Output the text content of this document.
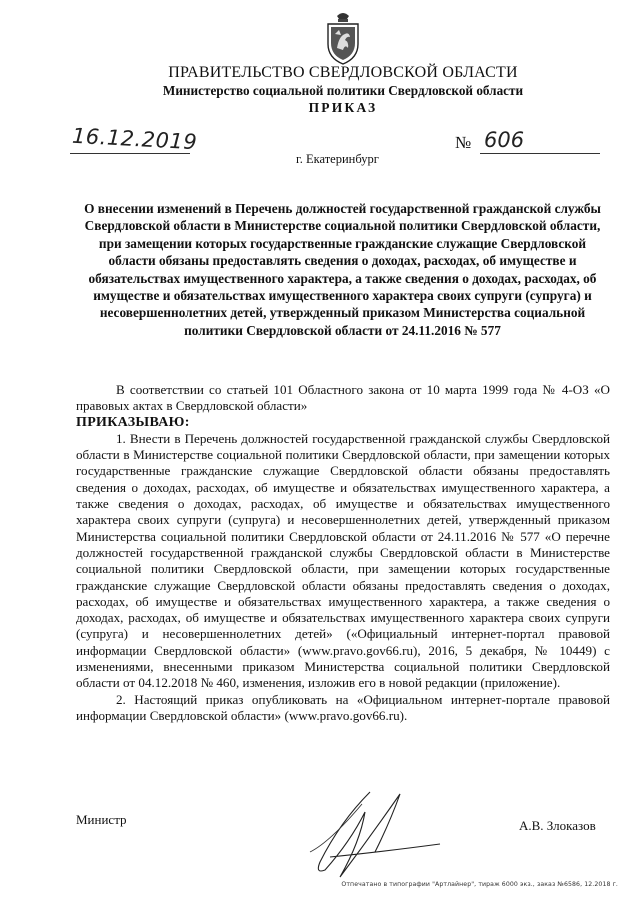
ПРАВИТЕЛЬСТВО СВЕРДЛОВСКОЙ ОБЛАСТИ
Министерство социальной политики Свердловской области
ПРИКАЗ
16.12.2019	№ 606
г. Екатеринбург
О внесении изменений в Перечень должностей государственной гражданской службы Свердловской области в Министерстве социальной политики Свердловской области, при замещении которых государственные гражданские служащие Свердловской области обязаны предоставлять сведения о доходах, расходах, об имуществе и обязательствах имущественного характера, а также сведения о доходах, расходах, об имуществе и обязательствах имущественного характера своих супруги (супруга) и несовершеннолетних детей, утвержденный приказом Министерства социальной политики Свердловской области от 24.11.2016 № 577

В соответствии со статьей 101 Областного закона от 10 марта 1999 года № 4-ОЗ «О правовых актах в Свердловской области»

ПРИКАЗЫВАЮ:

1. Внести в Перечень должностей государственной гражданской службы Свердловской области в Министерстве социальной политики Свердловской области, при замещении которых государственные гражданские служащие Свердловской области обязаны предоставлять сведения о доходах, расходах, об имуществе и обязательствах имущественного характера, а также сведения о доходах, расходах, об имуществе и обязательствах имущественного характера своих супруги (супруга) и несовершеннолетних детей, утвержденный приказом Министерства социальной политики Свердловской области от 24.11.2016 № 577 «О перечне должностей государственной гражданской службы Свердловской области в Министерстве социальной политики Свердловской области, при замещении которых государственные гражданские служащие Свердловской области обязаны предоставлять сведения о доходах, расходах, об имуществе и обязательствах имущественного характера, а также сведения о доходах, расходах, об имуществе и обязательствах имущественного характера своих супруги (супруга) и несовершеннолетних детей» («Официальный интернет-портал правовой информации Свердловской области» (www.pravo.gov66.ru), 2016, 5 декабря, № 10449) с изменениями, внесенными приказом Министерства социальной политики Свердловской области от 04.12.2018 № 460, изменения, изложив его в новой редакции (приложение).

2. Настоящий приказ опубликовать на «Официальном интернет-портале правовой информации Свердловской области» (www.pravo.gov66.ru).

Министр	А.В. Злоказов
Отпечатано в типографии "Артлайнер", тираж 6000 экз., заказ №6586, 12.2018 г.
